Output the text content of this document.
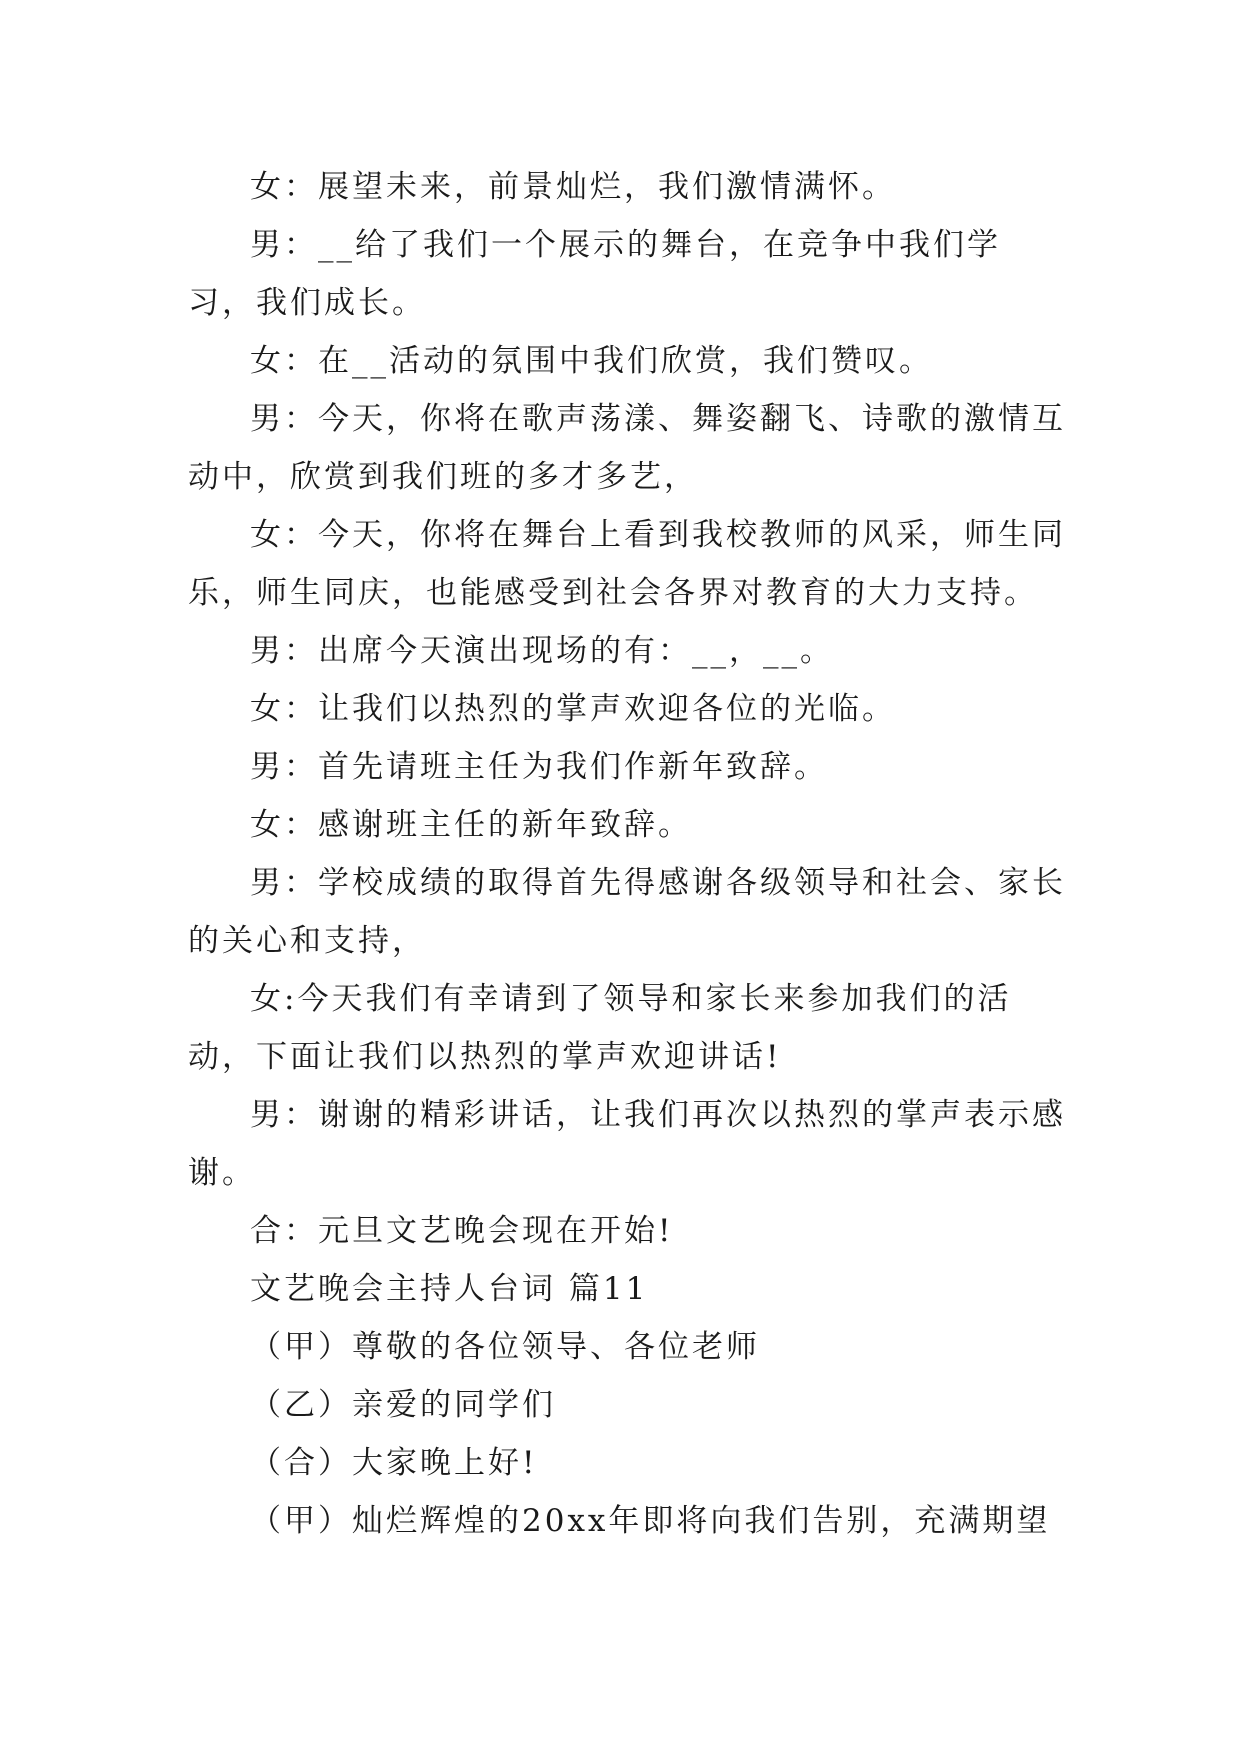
女：展望未来，前景灿烂，我们激情满怀。

男：__给了我们一个展示的舞台，在竞争中我们学习，我们成长。

女：在__活动的氛围中我们欣赏，我们赞叹。

男：今天，你将在歌声荡漾、舞姿翻飞、诗歌的激情互动中，欣赏到我们班的多才多艺，

女：今天，你将在舞台上看到我校教师的风采，师生同乐，师生同庆，也能感受到社会各界对教育的大力支持。

男：出席今天演出现场的有：__，__。

女：让我们以热烈的掌声欢迎各位的光临。

男：首先请班主任为我们作新年致辞。

女：感谢班主任的新年致辞。

男：学校成绩的取得首先得感谢各级领导和社会、家长的关心和支持，

女:今天我们有幸请到了领导和家长来参加我们的活动，下面让我们以热烈的掌声欢迎讲话!

男：谢谢的精彩讲话，让我们再次以热烈的掌声表示感谢。

合：元旦文艺晚会现在开始!

文艺晚会主持人台词 篇11

（甲）尊敬的各位领导、各位老师

（乙）亲爱的同学们

（合）大家晚上好!

（甲）灿烂辉煌的20xx年即将向我们告别，充满期望
